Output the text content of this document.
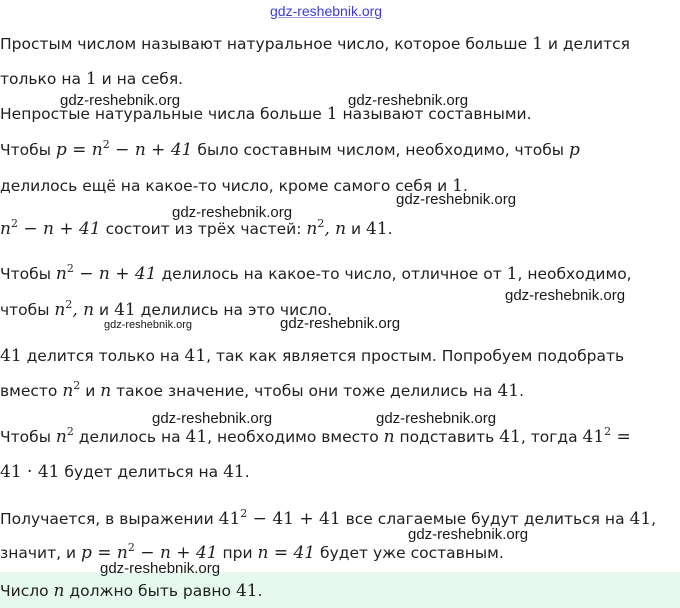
gdz-reshebnik.org
Простым числом называют натуральное число, которое больше 1 и делится
только на 1 и на себя.
gdz-reshebnik.org	gdz-reshebnik.org
Непростые натуральные числа больше 1 называют составными.
Чтобы $p = n^2 - n + 41$ было составным числом, необходимо, чтобы p
делилось ещё на какое-то число, кроме самого себя и 1.
gdz-reshebnik.org
gdz-reshebnik.org
$n^2 - n + 41$ состоит из трёх частей: $n^2$, n и 41.
Чтобы $n^2 - n + 41$ делилось на какое-то число, отличное от 1, необходимо,
gdz-reshebnik.org
чтобы $n^2$, n и 41 делились на это число.
gdz-reshebnik.org	gdz-reshebnik.org
41 делится только на 41, так как является простым. Попробуем подобрать
вместо $n^2$ и n такое значение, чтобы они тоже делились на 41.
gdz-reshebnik.org	gdz-reshebnik.org
Чтобы $n^2$ делилось на 41, необходимо вместо n подставить 41, тогда $41^2$ =
41 · 41 будет делиться на 41.
Получается, в выражении $41^2 - 41 + 41$ все слагаемые будут делиться на 41,
gdz-reshebnik.org
значит, и $p = n^2 - n + 41$ при n = 41 будет уже составным.
gdz-reshebnik.org
Число n должно быть равно 41.
